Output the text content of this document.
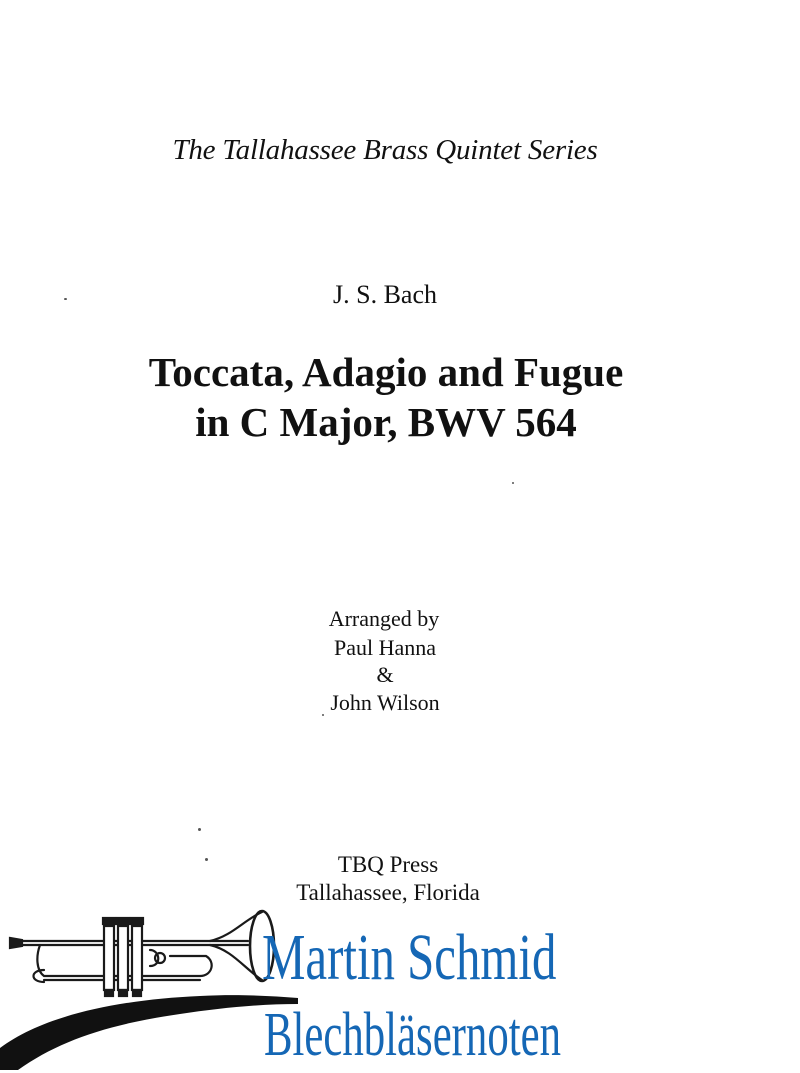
The Tallahassee Brass Quintet Series
J. S. Bach
Toccata, Adagio and Fugue
in C Major, BWV 564
Arranged by
Paul Hanna
&
John Wilson
TBQ Press
Tallahassee, Florida
Martin Schmid
Blechbläsernoten
